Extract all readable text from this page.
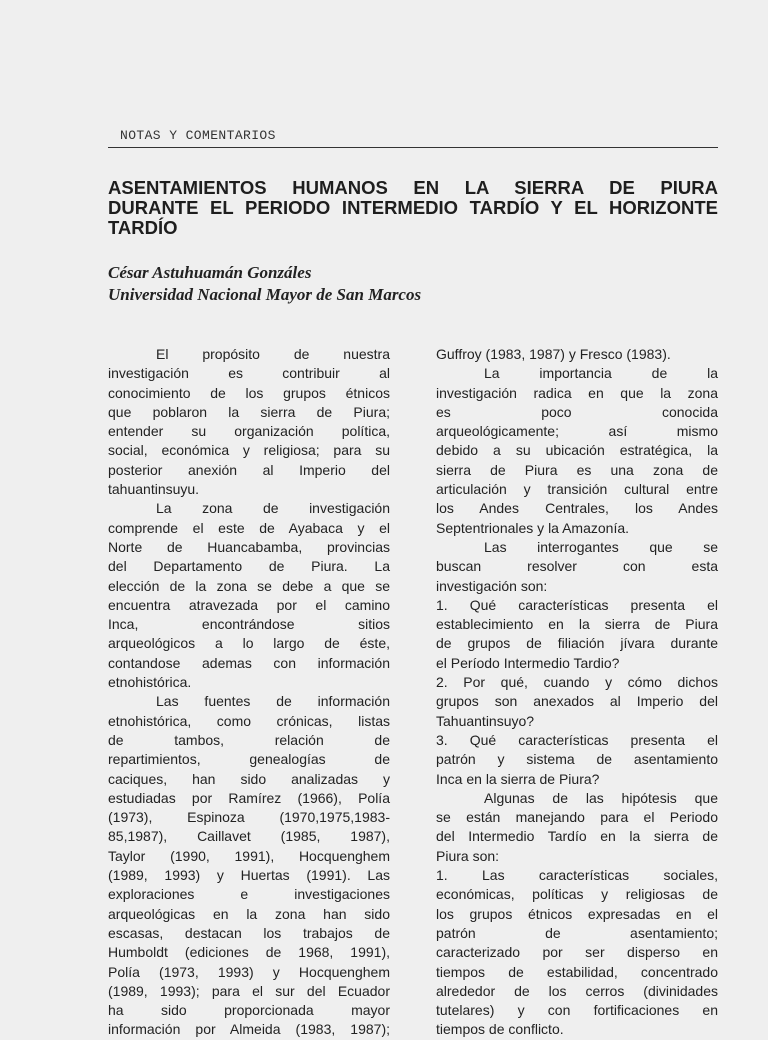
NOTAS Y COMENTARIOS
ASENTAMIENTOS HUMANOS EN LA SIERRA DE PIURA
DURANTE EL PERIODO INTERMEDIO TARDÍO Y EL HORIZONTE
TARDÍO
César Astuhuamán Gonzáles
Universidad Nacional Mayor de San Marcos

El propósito de nuestra
investigación es contribuir al
conocimiento de los grupos étnicos
que poblaron la sierra de Piura;
entender su organización política,
social, económica y religiosa; para su
posterior anexión al Imperio del
tahuantinsuyu.

La zona de investigación
comprende el este de Ayabaca y el
Norte de Huancabamba, provincias
del Departamento de Piura. La
elección de la zona se debe a que se
encuentra atravezada por el camino
Inca, encontrándose sitios
arqueológicos a lo largo de éste,
contandose ademas con información
etnohistórica.

Las fuentes de información
etnohistórica, como crónicas, listas
de tambos, relación de
repartimientos, genealogías de
caciques, han sido analizadas y
estudiadas por Ramírez (1966), Polía
(1973), Espinoza (1970,1975,1983-
85,1987), Caillavet (1985, 1987),
Taylor (1990, 1991), Hocquenghem
(1989, 1993) y Huertas (1991). Las
exploraciones e investigaciones
arqueológicas en la zona han sido
escasas, destacan los trabajos de
Humboldt (ediciones de 1968, 1991),
Polía (1973, 1993) y Hocquenghem
(1989, 1993); para el sur del Ecuador
ha sido proporcionada mayor
información por Almeida (1983, 1987);

Guffroy (1983, 1987) y Fresco (1983).

La importancia de la
investigación radica en que la zona
es poco conocida
arqueológicamente; así mismo
debido a su ubicación estratégica, la
sierra de Piura es una zona de
articulación y transición cultural entre
los Andes Centrales, los Andes
Septentrionales y la Amazonía.

Las interrogantes que se
buscan resolver con esta
investigación son:
1. Qué características presenta el
establecimiento en la sierra de Piura
de grupos de filiación jívara durante
el Período Intermedio Tardio?
2. Por qué, cuando y cómo dichos
grupos son anexados al Imperio del
Tahuantinsuyo?
3. Qué características presenta el
patrón y sistema de asentamiento
Inca en la sierra de Piura?

Algunas de las hipótesis que
se están manejando para el Periodo
del Intermedio Tardío en la sierra de
Piura son:
1. Las características sociales,
económicas, políticas y religiosas de
los grupos étnicos expresadas en el
patrón de asentamiento;
caracterizado por ser disperso en
tiempos de estabilidad, concentrado
alrededor de los cerros (divinidades
tutelares) y con fortificaciones en
tiempos de conflicto.
